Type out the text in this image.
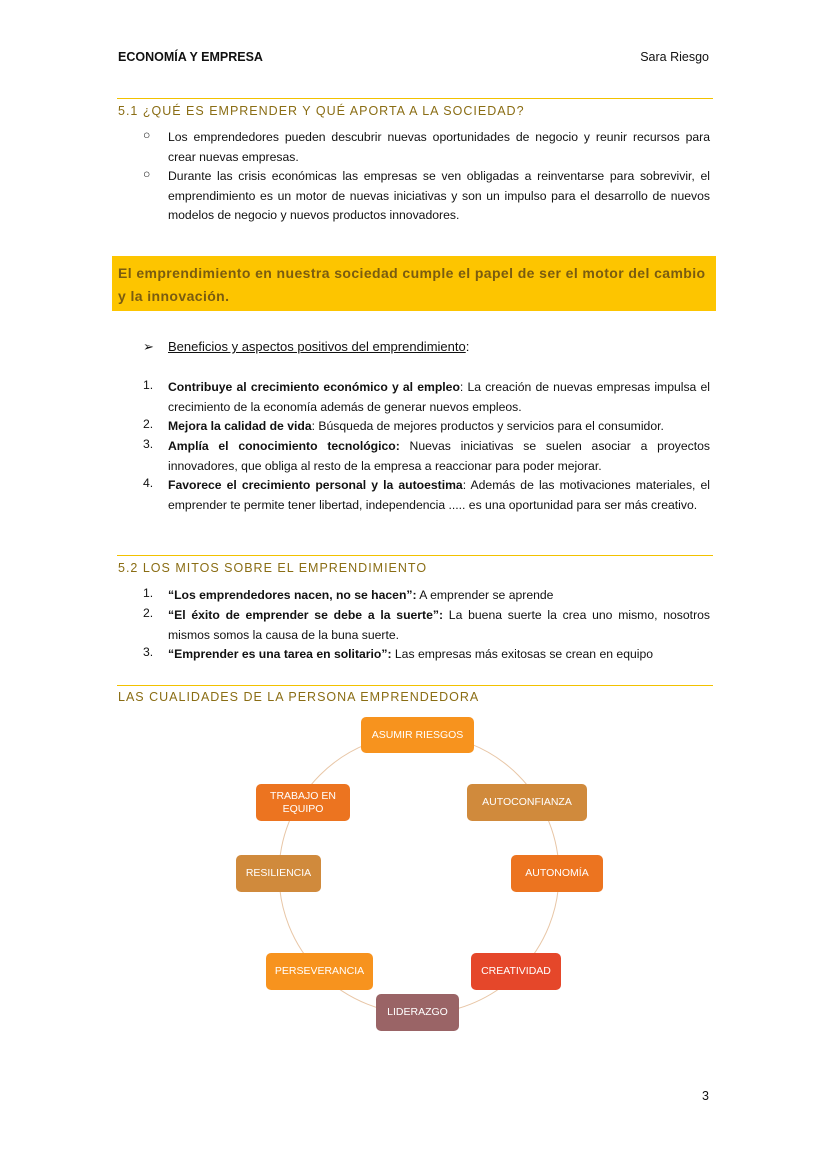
ECONOMÍA Y EMPRESA	Sara Riesgo
5.1 ¿QUÉ ES EMPRENDER Y QUÉ APORTA A LA SOCIEDAD?
○ Los emprendedores pueden descubrir nuevas oportunidades de negocio y reunir recursos para crear nuevas empresas.
○ Durante las crisis económicas las empresas se ven obligadas a reinventarse para sobrevivir, el emprendimiento es un motor de nuevas iniciativas y son un impulso para el desarrollo de nuevos modelos de negocio y nuevos productos innovadores.
El emprendimiento en nuestra sociedad cumple el papel de ser el motor del cambio y la innovación.
➢ Beneficios y aspectos positivos del emprendimiento:
1. Contribuye al crecimiento económico y al empleo: La creación de nuevas empresas impulsa el crecimiento de la economía además de generar nuevos empleos.
2. Mejora la calidad de vida: Búsqueda de mejores productos y servicios para el consumidor.
3. Amplía el conocimiento tecnológico: Nuevas iniciativas se suelen asociar a proyectos innovadores, que obliga al resto de la empresa a reaccionar para poder mejorar.
4. Favorece el crecimiento personal y la autoestima: Además de las motivaciones materiales, el emprender te permite tener libertad, independencia ..... es una oportunidad para ser más creativo.
5.2 LOS MITOS SOBRE EL EMPRENDIMIENTO
1. “Los emprendedores nacen, no se hacen”: A emprender se aprende
2. “El éxito de emprender se debe a la suerte”: La buena suerte la crea uno mismo, nosotros mismos somos la causa de la buna suerte.
3. “Emprender es una tarea en solitario”: Las empresas más exitosas se crean en equipo
LAS CUALIDADES DE LA PERSONA EMPRENDEDORA
ASUMIR RIESGOS
AUTOCONFIANZA
AUTONOMÍA
CREATIVIDAD
LIDERAZGO
PERSEVERANCIA
RESILIENCIA
TRABAJO EN EQUIPO
3
